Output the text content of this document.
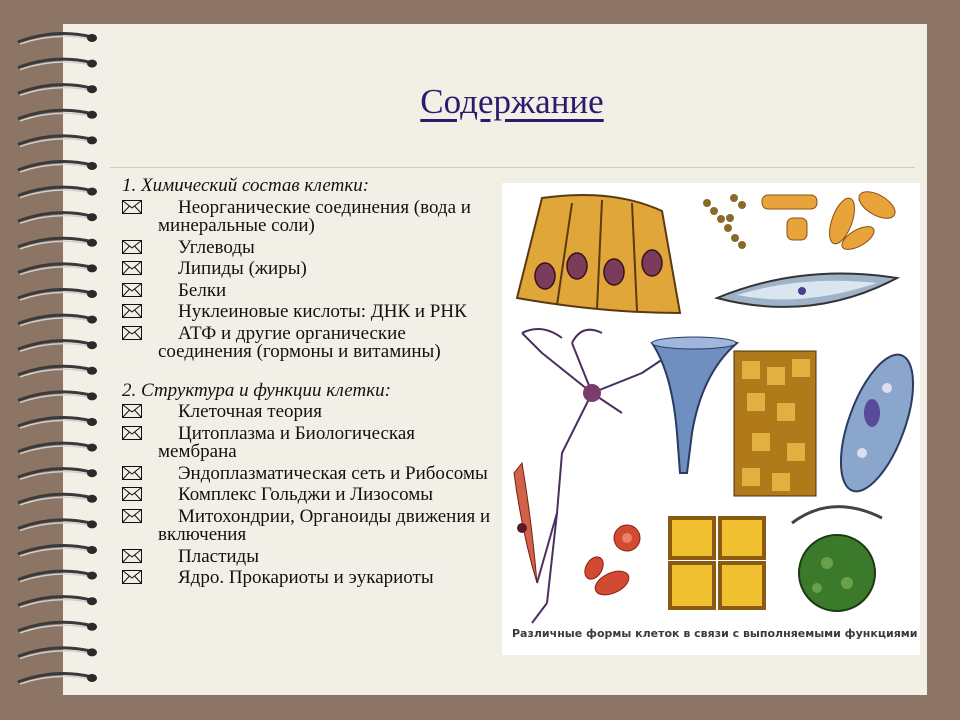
Содержание
1. Химический состав клетки:
Неорганические соединения (вода и минеральные соли)
Углеводы
Липиды (жиры)
Белки
Нуклеиновые кислоты: ДНК и РНК
АТФ и другие органические соединения (гормоны и витамины)
2. Структура и функции клетки:
Клеточная теория
Цитоплазма и Биологическая мембрана
Эндоплазматическая сеть и Рибосомы
Комплекс Гольджи и Лизосомы
Митохондрии, Органоиды движения и включения
Пластиды
Ядро. Прокариоты и эукариоты
Различные формы клеток в связи с выполняемыми функциями
